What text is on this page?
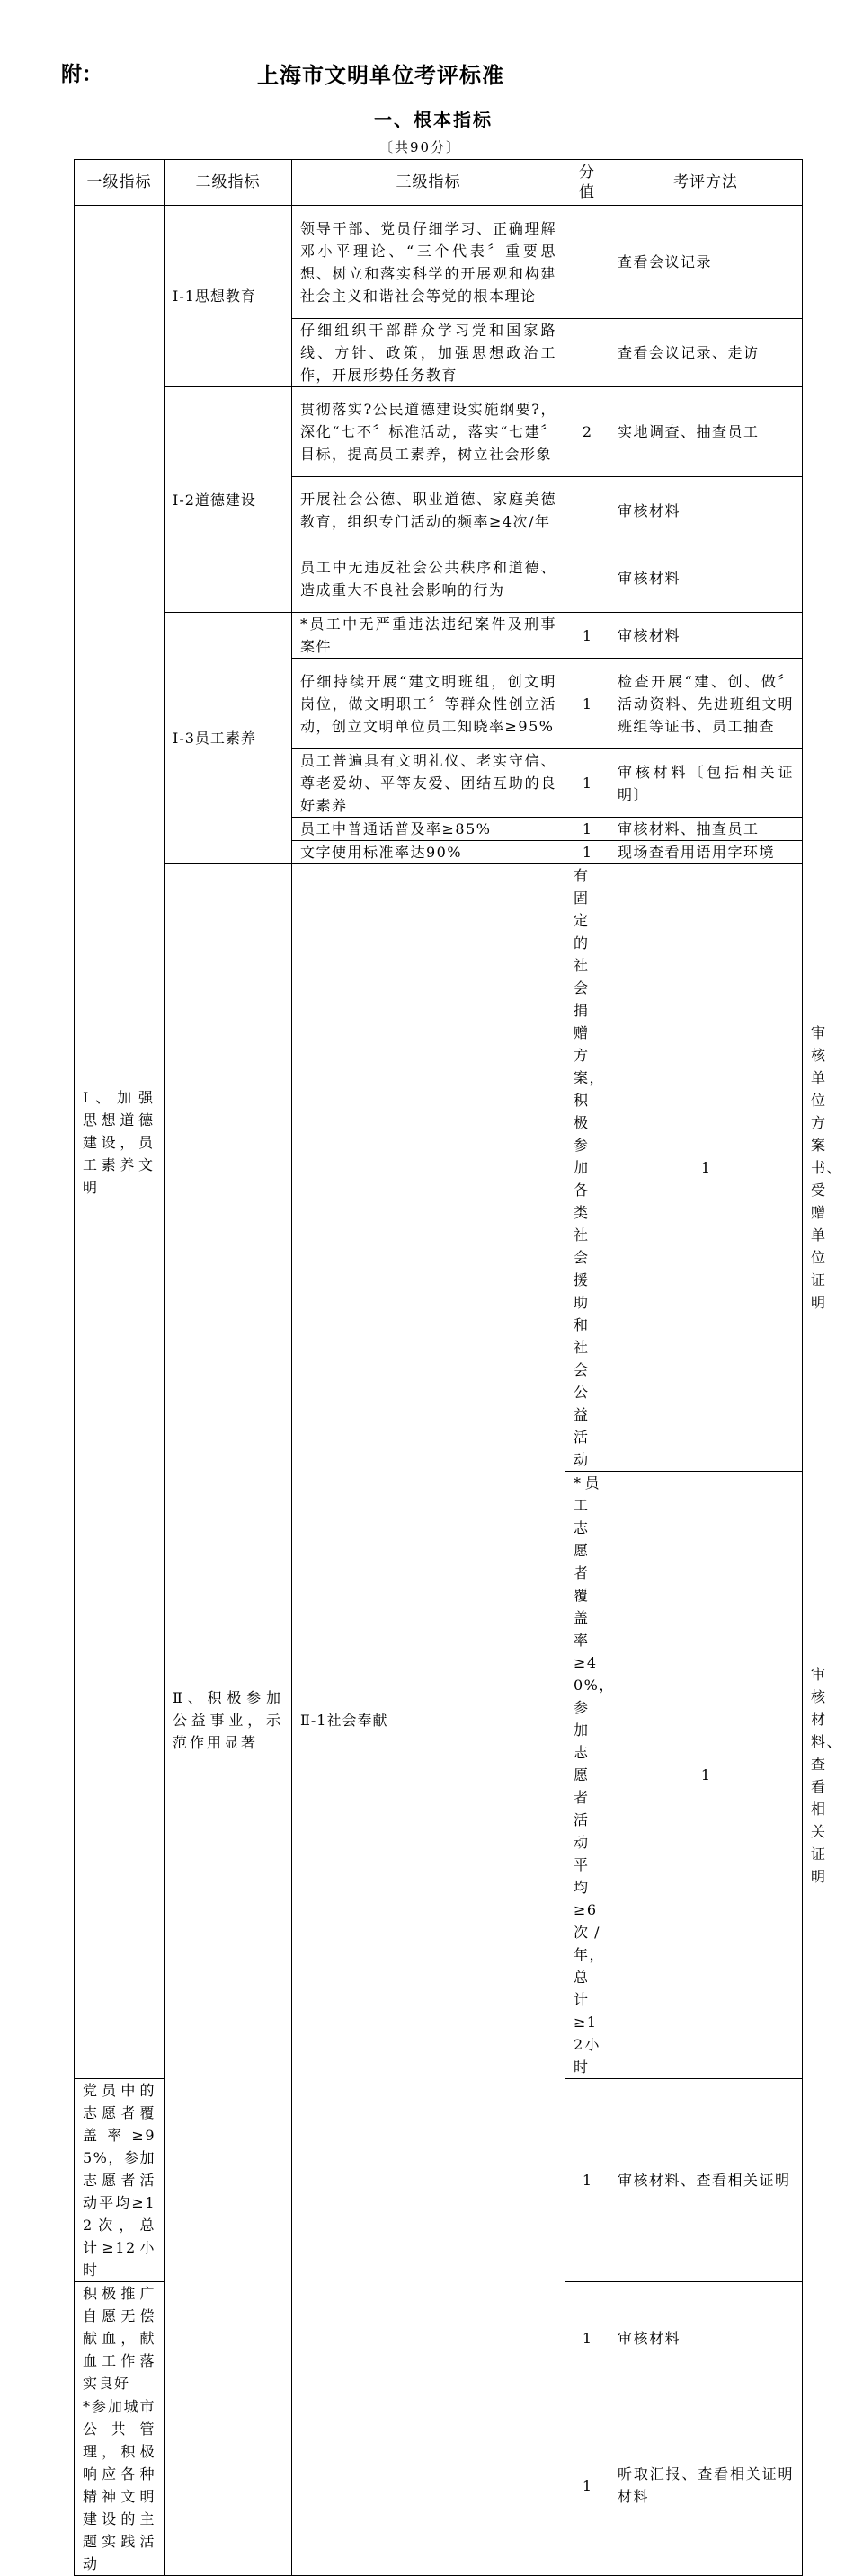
附：	上海市文明单位考评标准
一、根本指标
〔共90分〕
一级指标	二级指标	三级指标	分值	考评方法	
Ⅰ、加强思想道德建设，员工素养文明	Ⅰ-1思想教育	领导干部、党员仔细学习、正确理解邓小平理论、“三个代表〞重要思想、树立和落实科学的开展观和构建社会主义和谐社会等党的根本理论		查看会议记录	
		仔细组织干部群众学习党和国家路线、方针、政策，加强思想政治工作，开展形势任务教育		查看会议记录、走访	
	Ⅰ-2道德建设	贯彻落实?公民道德建设实施纲要?，深化“七不〞标准活动，落实“七建〞目标，提高员工素养，树立社会形象	2	实地调查、抽查员工	
		开展社会公德、职业道德、家庭美德教育，组织专门活动的频率≥4次/年		审核材料	
		员工中无违反社会公共秩序和道德、造成重大不良社会影响的行为		审核材料	
	Ⅰ-3员工素养	*员工中无严重违法违纪案件及刑事案件	1	审核材料	
		仔细持续开展“建文明班组，创文明岗位，做文明职工〞等群众性创立活动，创立文明单位员工知晓率≥95%	1	检查开展“建、创、做〞活动资料、先进班组文明班组等证书、员工抽查	
		员工普遍具有文明礼仪、老实守信、尊老爱幼、平等友爱、团结互助的良好素养	1	审核材料〔包括相关证明〕	
		员工中普通话普及率≥85%	1	审核材料、抽查员工	
		文字使用标准率达90%	1	现场查看用语用字环境	
	Ⅱ、积极参加公益事业，示范作用显著	Ⅱ-1社会奉献	有固定的社会捐赠方案，积极参加各类社会援助和社会公益活动	1	审核单位方案书、受赠单位证明
			*员工志愿者覆盖率≥40%，参加志愿者活动平均≥6次/年，总计≥12小时	1	审核材料、查看相关证明
党员中的志愿者覆盖率≥95%，参加志愿者活动平均≥12次，总计≥12小时			1	审核材料、查看相关证明	
积极推广自愿无偿献血，献血工作落实良好			1	审核材料	
*参加城市公共管理，积极响应各种精神文明建设的主题实践活动			1	听取汇报、查看相关证明材料	
